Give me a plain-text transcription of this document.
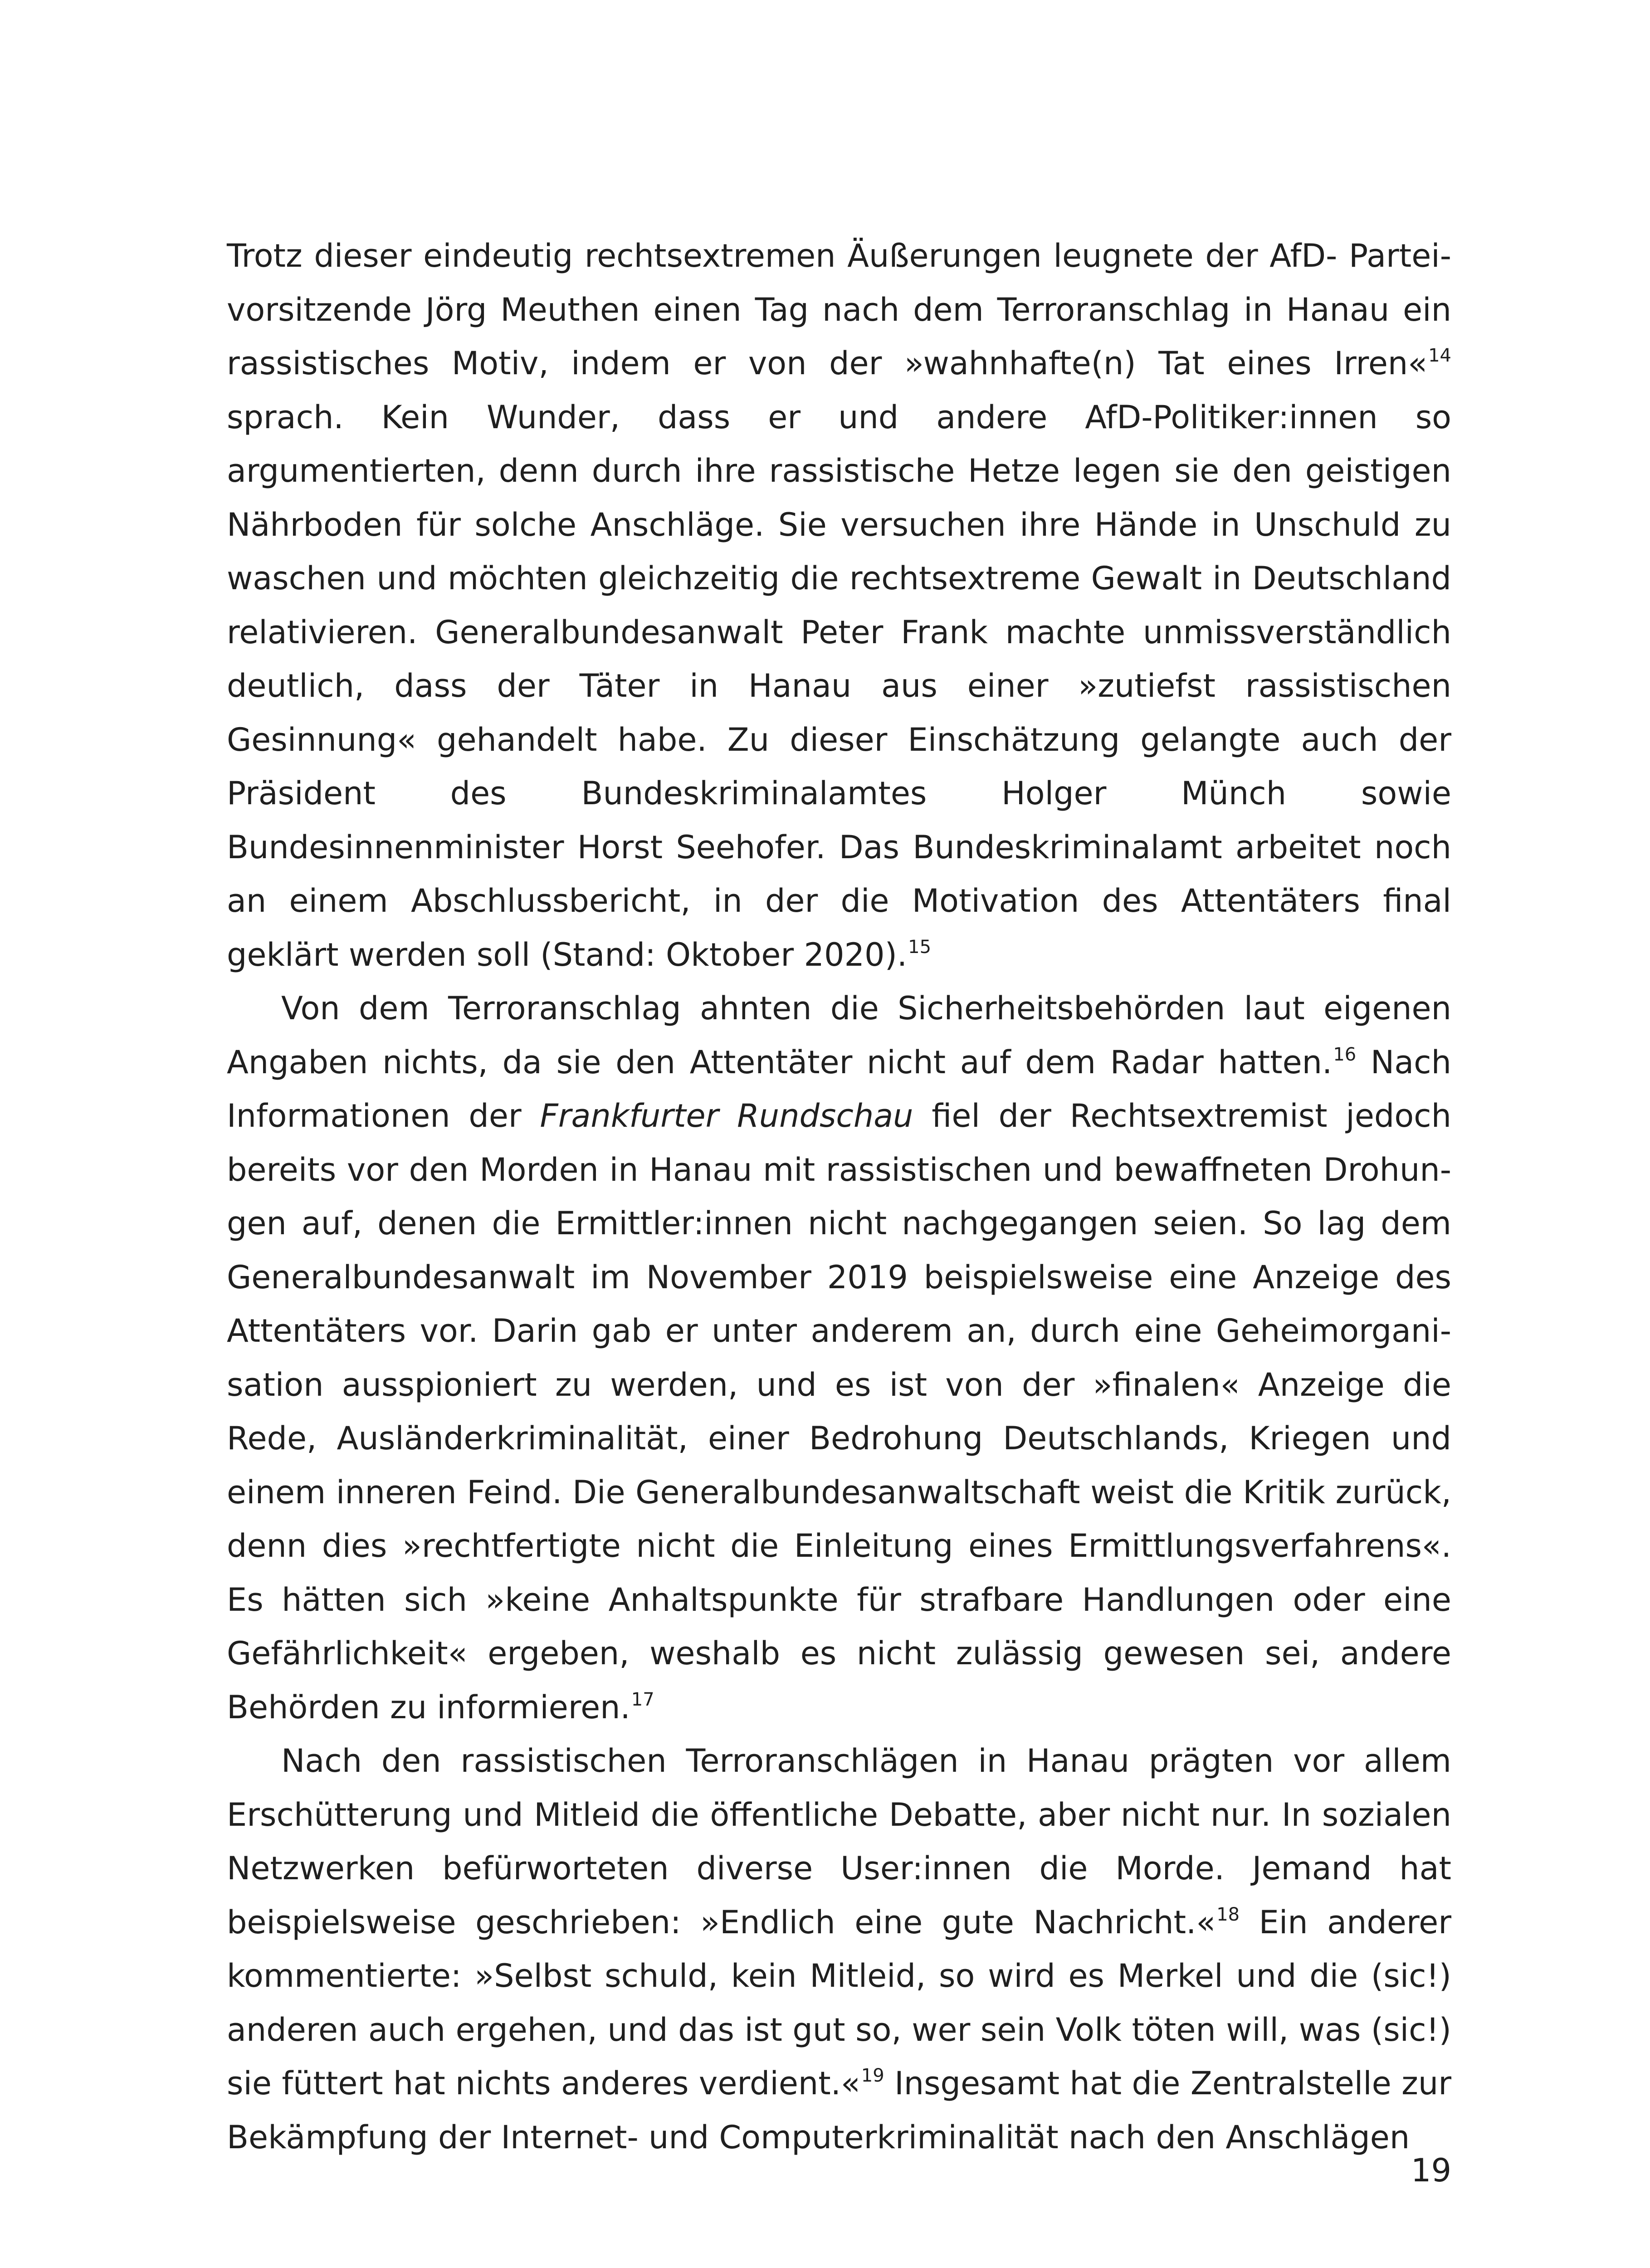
Trotz dieser eindeutig rechtsextremen Äußerungen leugnete der AfD- Parteivorsitzende Jörg Meuthen einen Tag nach dem Terroranschlag in Hanau ein rassistisches Motiv, indem er von der »wahnhafte(n) Tat eines Irren«$^{14}$ sprach. Kein Wunder, dass er und andere AfD-Politiker:innen so argumentierten, denn durch ihre rassistische Hetze legen sie den geistigen Nährboden für solche Anschläge. Sie versuchen ihre Hände in Unschuld zu waschen und möchten gleichzeitig die rechtsextreme Gewalt in Deutschland relativieren. Generalbundesanwalt Peter Frank machte unmissverständlich deutlich, dass der Täter in Hanau aus einer »zutiefst rassistischen Gesinnung« gehandelt habe. Zu dieser Einschätzung gelangte auch der Präsident des Bundeskriminalamtes Holger Münch sowie Bundesinnenminister Horst Seehofer. Das Bundeskriminalamt arbeitet noch an einem Abschlussbericht, in der die Motivation des Attentäters final geklärt werden soll (Stand: Oktober 2020).$^{15}$

Von dem Terroranschlag ahnten die Sicherheitsbehörden laut eigenen Angaben nichts, da sie den Attentäter nicht auf dem Radar hatten.$^{16}$ Nach Informationen der Frankfurter Rundschau fiel der Rechtsextremist jedoch bereits vor den Morden in Hanau mit rassistischen und bewaffneten Drohungen auf, denen die Ermittler:innen nicht nachgegangen seien. So lag dem Generalbundesanwalt im November 2019 beispielsweise eine Anzeige des Attentäters vor. Darin gab er unter anderem an, durch eine Geheimorganisation ausspioniert zu werden, und es ist von der »finalen« Anzeige die Rede, Ausländerkriminalität, einer Bedrohung Deutschlands, Kriegen und einem inneren Feind. Die Generalbundesanwaltschaft weist die Kritik zurück, denn dies »rechtfertigte nicht die Einleitung eines Ermittlungsverfahrens«. Es hätten sich »keine Anhaltspunkte für strafbare Handlungen oder eine Gefährlichkeit« ergeben, weshalb es nicht zulässig gewesen sei, andere Behörden zu informieren.$^{17}$

Nach den rassistischen Terroranschlägen in Hanau prägten vor allem Erschütterung und Mitleid die öffentliche Debatte, aber nicht nur. In sozialen Netzwerken befürworteten diverse User:innen die Morde. Jemand hat beispielsweise geschrieben: »Endlich eine gute Nachricht.«$^{18}$ Ein anderer kommentierte: »Selbst schuld, kein Mitleid, so wird es Merkel und die (sic!) anderen auch ergehen, und das ist gut so, wer sein Volk töten will, was (sic!) sie füttert hat nichts anderes verdient.«$^{19}$ Insgesamt hat die Zentralstelle zur Bekämpfung der Internet- und Computerkriminalität nach den Anschlägen

19
